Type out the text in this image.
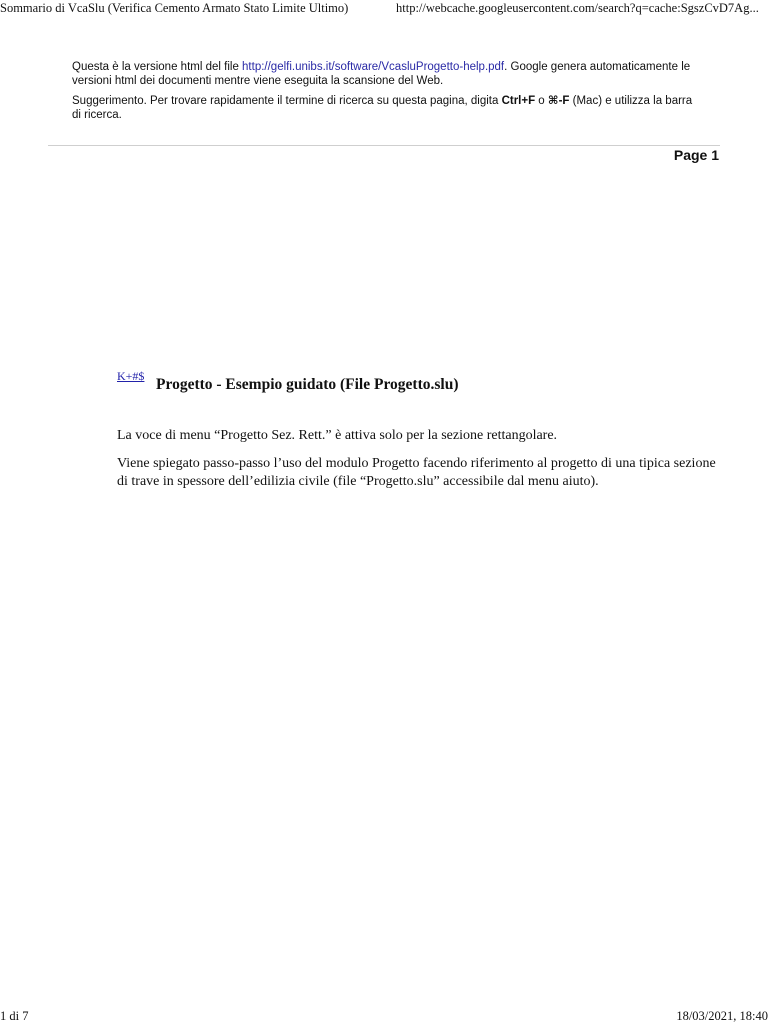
Sommario di VcaSlu (Verifica Cemento Armato Stato Limite Ultimo)	http://webcache.googleusercontent.com/search?q=cache:SgszCvD7Ag...

Questa è la versione html del file http://gelfi.unibs.it/software/VcasluProgetto-help.pdf. Google genera automaticamente le versioni html dei documenti mentre viene eseguita la scansione del Web.

Suggerimento. Per trovare rapidamente il termine di ricerca su questa pagina, digita Ctrl+F o ⌘-F (Mac) e utilizza la barra di ricerca.

Page 1
K+#$ Progetto - Esempio guidato (File Progetto.slu)

La voce di menu “Progetto Sez. Rett.” è attiva solo per la sezione rettangolare.

Viene spiegato passo-passo l’uso del modulo Progetto facendo riferimento al progetto di una tipica sezione di trave in spessore dell’edilizia civile (file “Progetto.slu” accessibile dal menu aiuto).

1 di 7	18/03/2021, 18:40
